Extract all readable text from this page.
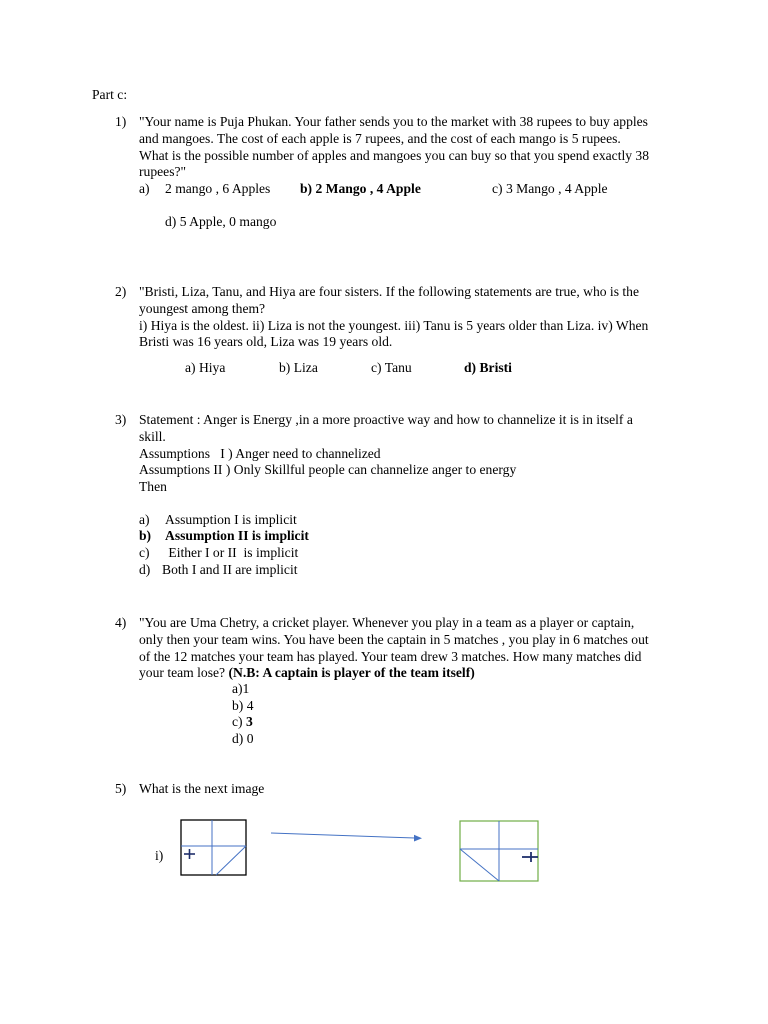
Part c:
1) "Your name is Puja Phukan. Your father sends you to the market with 38 rupees to buy apples
and mangoes. The cost of each apple is 7 rupees, and the cost of each mango is 5 rupees.
What is the possible number of apples and mangoes you can buy so that you spend exactly 38
rupees?"
a) 2 mango , 6 Apples b) 2 Mango , 4 Apple	c) 3 Mango , 4 Apple
d) 5 Apple, 0 mango
2) "Bristi, Liza, Tanu, and Hiya are four sisters. If the following statements are true, who is the
youngest among them?
i) Hiya is the oldest. ii) Liza is not the youngest. iii) Tanu is 5 years older than Liza. iv) When
Bristi was 16 years old, Liza was 19 years old.
a) Hiya	b) Liza	c) Tanu	d) Bristi
3) Statement : Anger is Energy ,in a more proactive way and how to channelize it is in itself a
skill.
Assumptions   I ) Anger need to channelized
Assumptions II ) Only Skillful people can channelize anger to energy
Then
a) Assumption I is implicit
b) Assumption II is implicit
c) Either I or II  is implicit
d) Both I and II are implicit
4) "You are Uma Chetry, a cricket player. Whenever you play in a team as a player or captain,
only then your team wins. You have been the captain in 5 matches , you play in 6 matches out
of the 12 matches your team has played. Your team drew 3 matches. How many matches did
your team lose? (N.B: A captain is player of the team itself)
a)1
b) 4
c) 3
d) 0
5) What is the next image
i)
